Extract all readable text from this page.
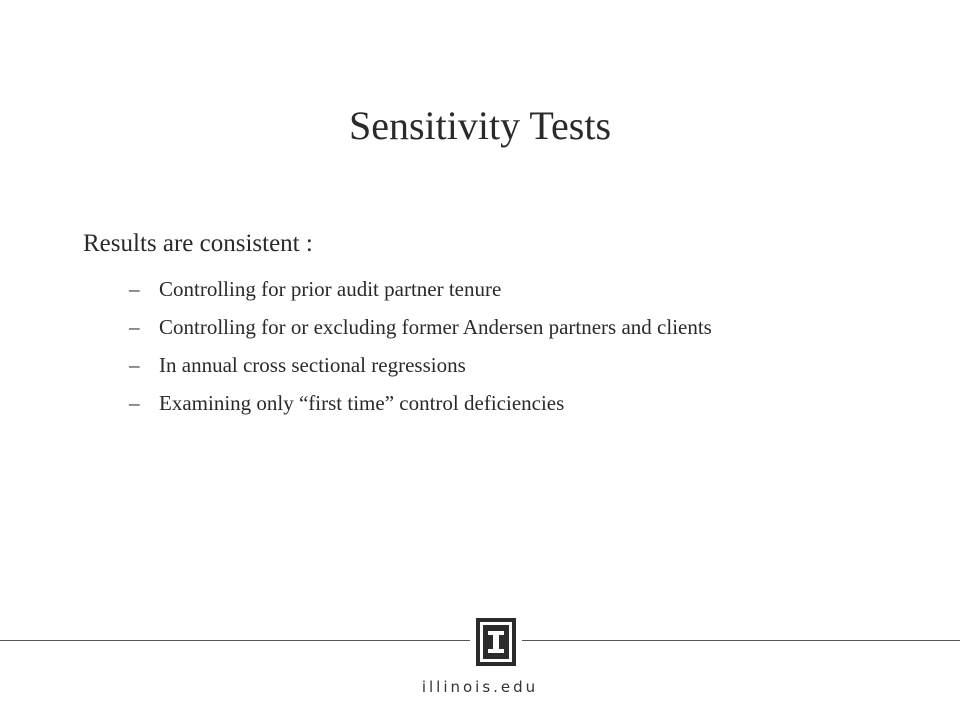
Sensitivity Tests
Results are consistent :
– Controlling for prior audit partner tenure
– Controlling for or excluding former Andersen partners and clients
– In annual cross sectional regressions
– Examining only “first time” control deficiencies
illinois.edu
